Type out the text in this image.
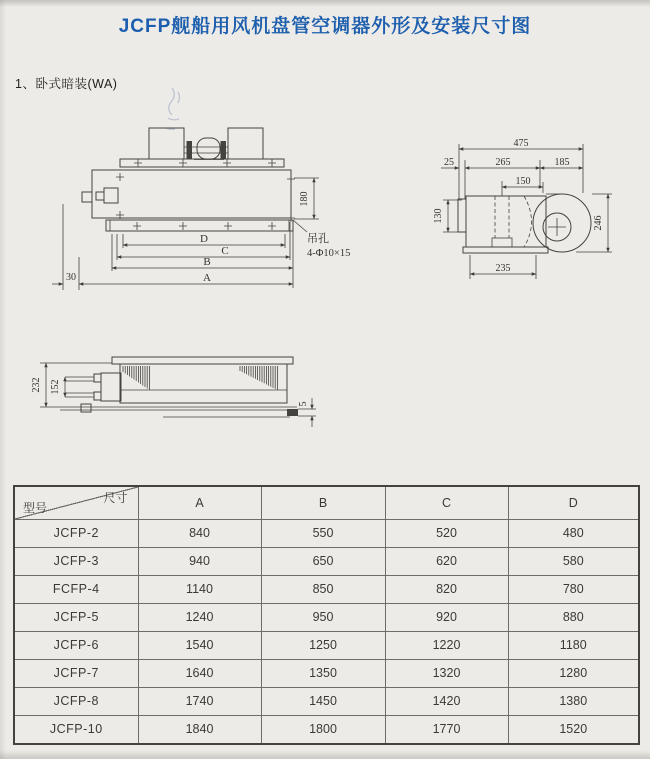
JCFP舰船用风机盘管空调器外形及安装尺寸图
1、卧式暗装(WA)
D
C
B
30	A
180
吊孔
4-Φ10×15
475
25	265	185
150
130	246
235
232 152
5
尺寸
型号	A	B	C	D
JCFP-2	840	550	520	480
JCFP-3	940	650	620	580
FCFP-4	1140	850	820	780
JCFP-5	1240	950	920	880
JCFP-6	1540	1250	1220	1180
JCFP-7	1640	1350	1320	1280
JCFP-8	1740	1450	1420	1380
JCFP-10	1840	1800	1770	1520
